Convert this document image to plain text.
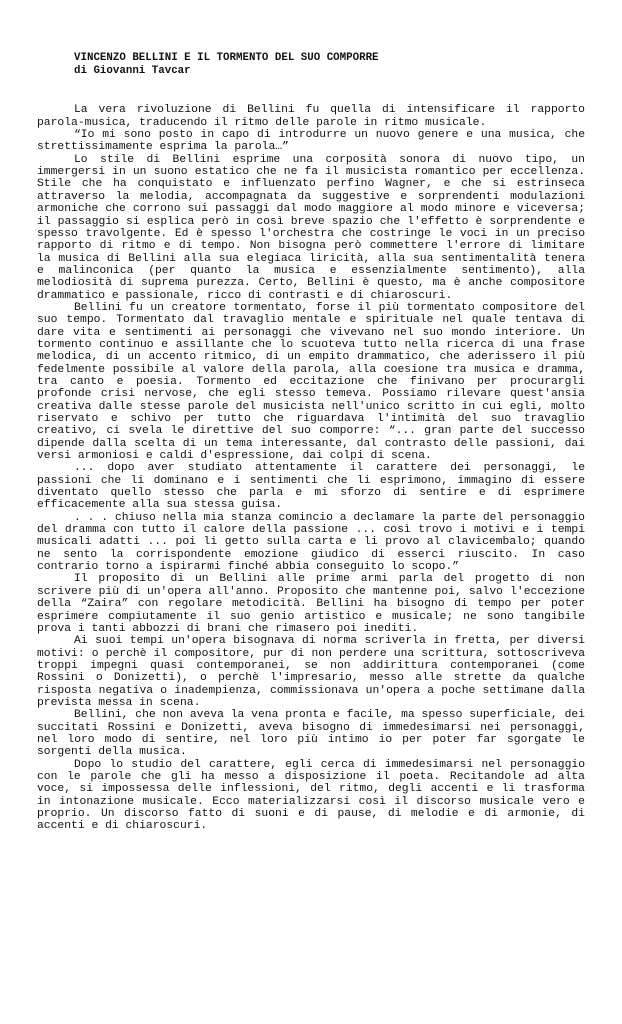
VINCENZO BELLINI E IL TORMENTO DEL SUO COMPORRE
di Giovanni Tavcar

La vera rivoluzione di Bellini fu quella di intensificare il rapporto parola-musica, traducendo il ritmo delle parole in ritmo musicale.

“Io mi sono posto in capo di introdurre un nuovo genere e una musica, che strettissimamente esprima la parola…”

Lo stile di Bellini esprime una corposità sonora di nuovo tipo, un immergersi in un suono estatico che ne fa il musicista romantico per eccellenza. Stile che ha conquistato e influenzato perfino Wagner, e che si estrinseca attraverso la melodia, accompagnata da suggestive e sorprendenti modulazioni armoniche che corrono sui passaggi dal modo maggiore al modo minore e viceversa; il passaggio si esplica però in così breve spazio che l'effetto è sorprendente e spesso travolgente. Ed è spesso l'orchestra che costringe le voci in un preciso rapporto di ritmo e di tempo. Non bisogna però commettere l'errore di limitare la musica di Bellini alla sua elegiaca liricità, alla sua sentimentalità tenera e malinconica (per quanto la musica e essenzialmente sentimento), alla melodiosità di suprema purezza. Certo, Bellini è questo, ma è anche compositore drammatico e passionale, ricco di contrasti e di chiaroscuri.

Bellini fu un creatore tormentato, forse il più tormentato compositore del suo tempo. Tormentato dal travaglio mentale e spirituale nel quale tentava di dare vita e sentimenti ai personaggi che vivevano nel suo mondo interiore. Un tormento continuo e assillante che lo scuoteva tutto nella ricerca di una frase melodica, di un accento ritmico, di un empito drammatico, che aderissero il più fedelmente possibile al valore della parola, alla coesione tra musica e dramma, tra canto e poesia. Tormento ed eccitazione che finivano per procurargli profonde crisi nervose, che egli stesso temeva. Possiamo rilevare quest'ansia creativa dalle stesse parole del musicista nell'unico scritto in cui egli, molto riservato e schivo per tutto che riguardava l'intimità del suo travaglio creativo, ci svela le direttive del suo comporre: “... gran parte del successo dipende dalla scelta di un tema interessante, dal contrasto delle passioni, dai versi armoniosi e caldi d'espressione, dai colpi di scena.

... dopo aver studiato attentamente il carattere dei personaggi, le passioni che li dominano e i sentimenti che li esprimono, immagino di essere diventato quello stesso che parla e mi sforzo di sentire e di esprimere efficacemente alla sua stessa guisa.

. . . chiuso nella mia stanza comincio a declamare la parte del personaggio del dramma con tutto il calore della passione ... così trovo i motivi e i tempi musicali adatti ... poi li getto sulla carta e li provo al clavicembalo; quando ne sento la corrispondente emozione giudico di esserci riuscito. In caso contrario torno a ispirarmi finché abbia conseguito lo scopo.”

Il proposito di un Bellini alle prime armi parla del progetto di non scrivere più di un'opera all'anno. Proposito che mantenne poi, salvo l'eccezione della “Zaira” con regolare metodicità. Bellini ha bisogno di tempo per poter esprimere compiutamente il suo genio artistico e musicale; ne sono tangibile prova i tanti abbozzi di brani che rimasero poi inediti.

Ai suoi tempi un'opera bisognava di norma scriverla in fretta, per diversi motivi: o perchè il compositore, pur di non perdere una scrittura, sottoscriveva troppi impegni quasi contemporanei, se non addirittura contemporanei (come Rossini o Donizetti), o perchè l'impresario, messo alle strette da qualche risposta negativa o inadempienza, commissionava un'opera a poche settimane dalla prevista messa in scena.

Bellini, che non aveva la vena pronta e facile, ma spesso superficiale, dei succitati Rossini e Donizetti, aveva bisogno di immedesimarsi nei personaggi, nel loro modo di sentire, nel loro più intimo io per poter far sgorgate le sorgenti della musica.

Dopo lo studio del carattere, egli cerca di immedesimarsi nel personaggio con le parole che gli ha messo a disposizione il poeta. Recitandole ad alta voce, si impossessa delle inflessioni, del ritmo, degli accenti e li trasforma in intonazione musicale. Ecco materializzarsi così il discorso musicale vero e proprio. Un discorso fatto di suoni e di pause, di melodie e di armonie, di accenti e di chiaroscuri.
